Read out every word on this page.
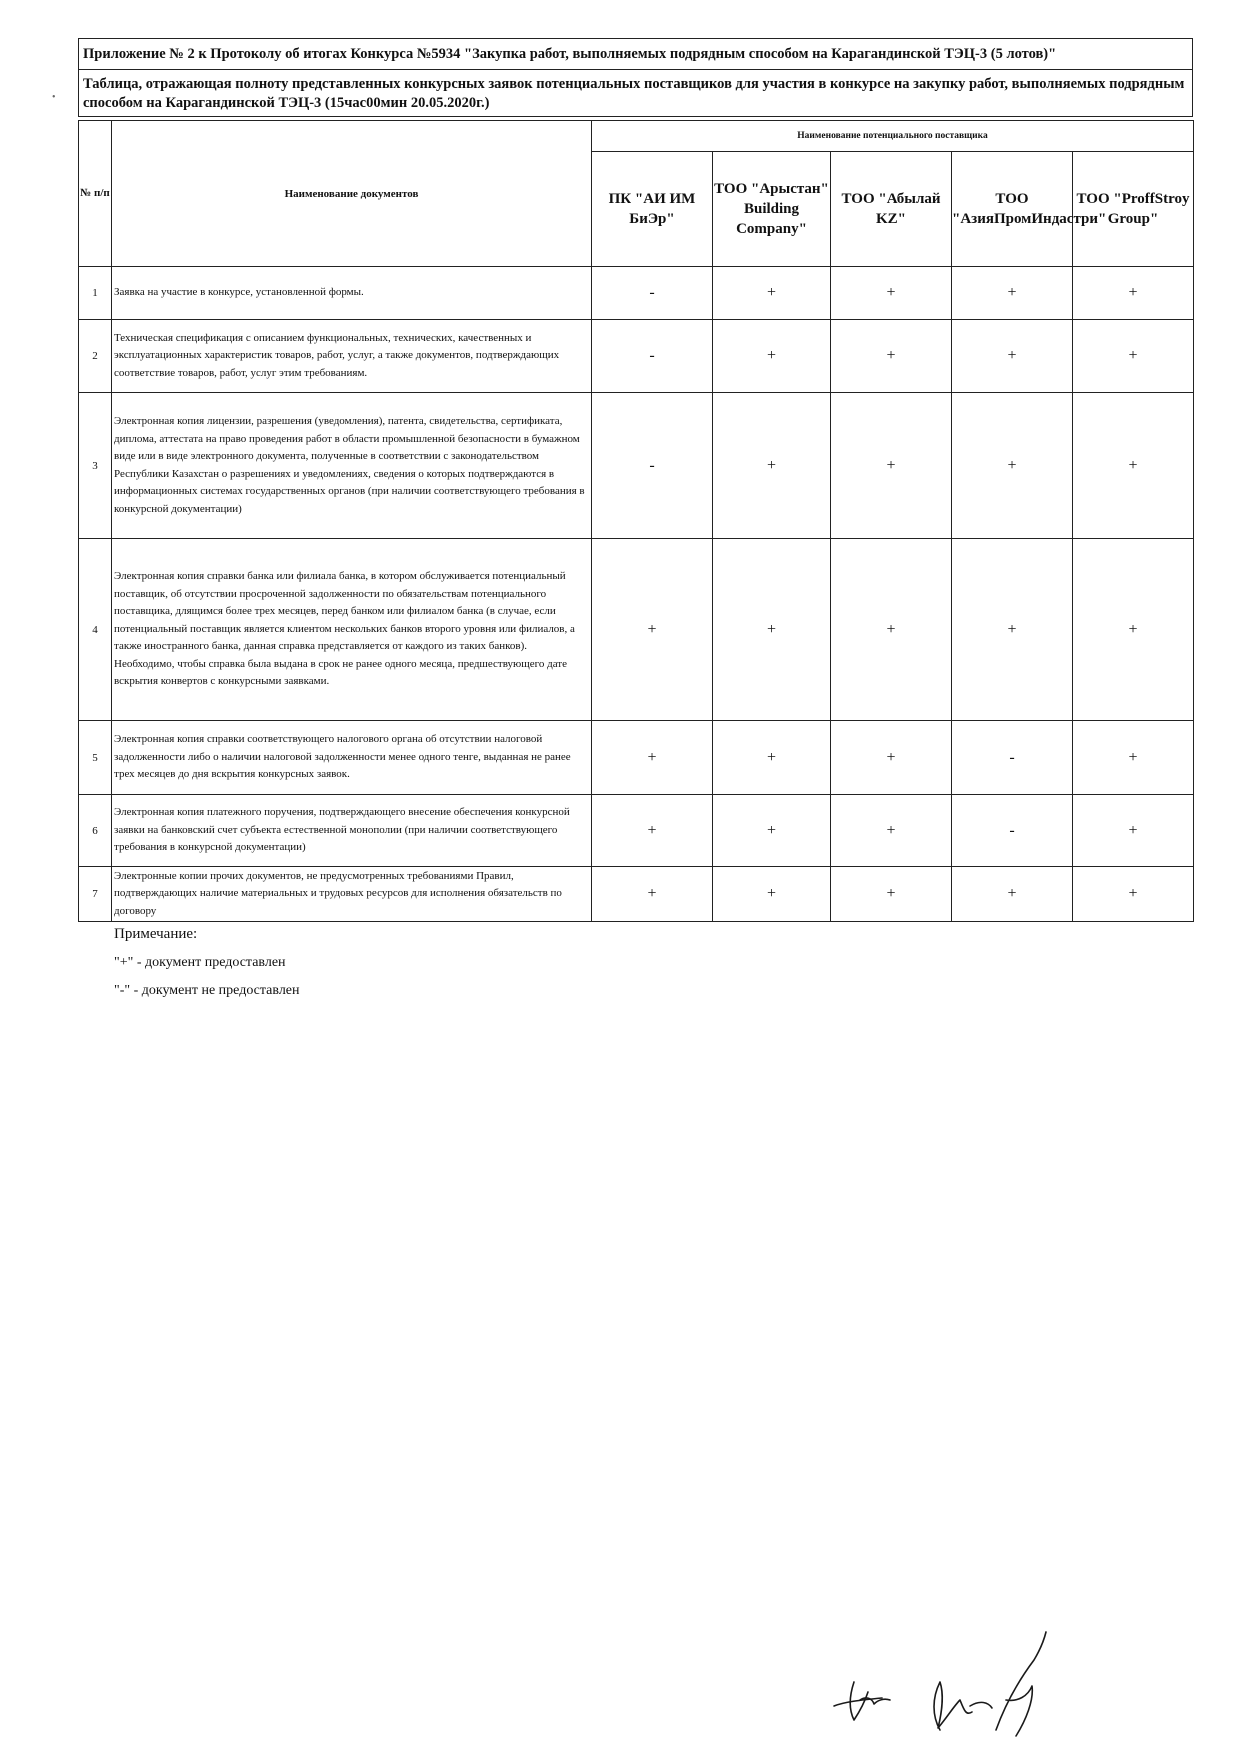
•
Приложение № 2 к Протоколу об итогах Конкурса №5934 "Закупка работ, выполняемых подрядным способом на Карагандинской ТЭЦ-3 (5 лотов)"
Таблица, отражающая полноту представленных конкурсных заявок потенциальных поставщиков для участия в конкурсе на закупку работ, выполняемых подрядным способом на Карагандинской ТЭЦ-3 (15час00мин 20.05.2020г.)
№ п/п	Наименование документов	Наименование потенциального поставщика				
		ПК "АИ ИМ БиЭр"	ТОО "Арыстан" Building Company"	ТОО "Абылай KZ"	ТОО "АзияПромИндастри"	ТОО "ProffStroy Group"
1	Заявка на участие в конкурсе, установленной формы.	-	+	+	+	+
2	Техническая спецификация с описанием функциональных, технических, качественных и эксплуатационных характеристик товаров, работ, услуг, а также документов, подтверждающих соответствие товаров, работ, услуг этим требованиям.	-	+	+	+	+
3	Электронная копия лицензии, разрешения (уведомления), патента, свидетельства, сертификата, диплома, аттестата на право проведения работ в области промышленной безопасности в бумажном виде или в виде электронного документа, полученные в соответствии с законодательством Республики Казахстан о разрешениях и уведомлениях, сведения о которых подтверждаются в информационных системах государственных органов (при наличии соответствующего требования в конкурсной документации)	-	+	+	+	+
4	Электронная копия справки банка или филиала банка, в котором обслуживается потенциальный поставщик, об отсутствии просроченной задолженности по обязательствам потенциального поставщика, длящимся более трех месяцев, перед банком или филиалом банка (в случае, если потенциальный поставщик является клиентом нескольких банков второго уровня или филиалов, а также иностранного банка, данная справка представляется от каждого из таких банков). Необходимо, чтобы справка была выдана в срок не ранее одного месяца, предшествующего дате вскрытия конвертов с конкурсными заявками.	+	+	+	+	+
5	Электронная копия справки соответствующего налогового органа об отсутствии налоговой задолженности либо о наличии налоговой задолженности менее одного тенге, выданная не ранее трех месяцев до дня вскрытия конкурсных заявок.	+	+	+	-	+
6	Электронная копия платежного поручения, подтверждающего внесение обеспечения конкурсной заявки на банковский счет субъекта естественной монополии (при наличии соответствующего требования в конкурсной документации)	+	+	+	-	+
7	Электронные копии прочих документов, не предусмотренных требованиями Правил, подтверждающих наличие материальных и трудовых ресурсов для исполнения обязательств по договору	+	+	+	+	+
Примечание:
"+" - документ предоставлен
"-" - документ не предоставлен
